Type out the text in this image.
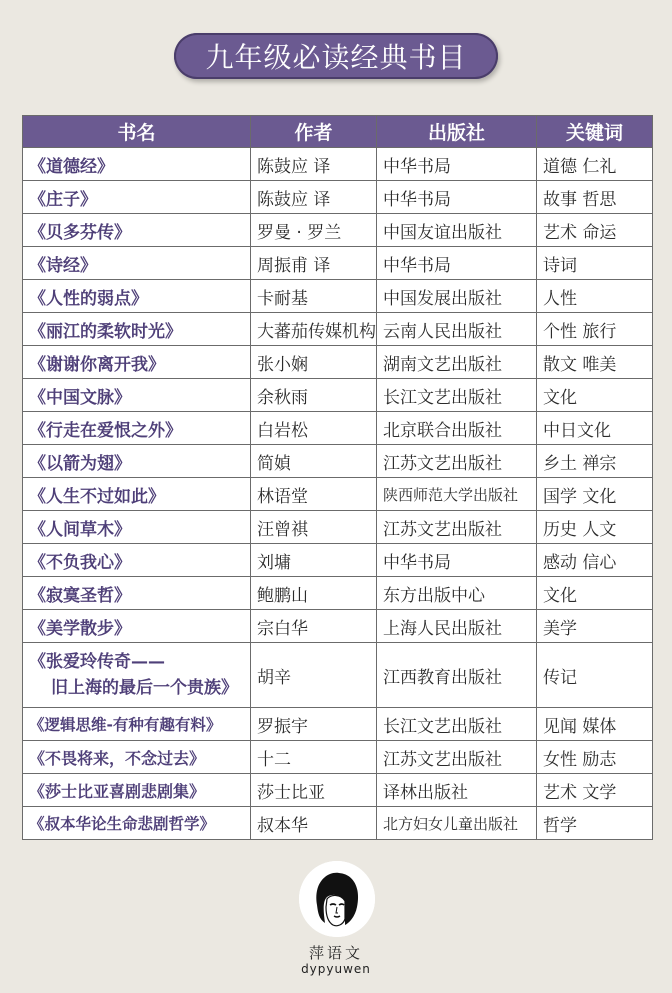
九年级必读经典书目
书名	作者	出版社	关键词
《道德经》	陈鼓应 译	中华书局	道德 仁礼
《庄子》	陈鼓应 译	中华书局	故事 哲思
《贝多芬传》	罗曼 · 罗兰	中国友谊出版社	艺术 命运
《诗经》	周振甫 译	中华书局	诗词
《人性的弱点》	卡耐基	中国发展出版社	人性
《丽江的柔软时光》	大蕃茄传媒机构	云南人民出版社	个性 旅行
《谢谢你离开我》	张小娴	湖南文艺出版社	散文 唯美
《中国文脉》	余秋雨	长江文艺出版社	文化
《行走在爱恨之外》	白岩松	北京联合出版社	中日文化
《以箭为翅》	简媜	江苏文艺出版社	乡土 禅宗
《人生不过如此》	林语堂	陕西师范大学出版社	国学 文化
《人间草木》	汪曾祺	江苏文艺出版社	历史 人文
《不负我心》	刘墉	中华书局	感动 信心
《寂寞圣哲》	鲍鹏山	东方出版中心	文化
《美学散步》	宗白华	上海人民出版社	美学

《张爱玲传奇——
旧上海的最后一个贵族》	胡辛	江西教育出版社	传记
《逻辑思维-有种有趣有料》	罗振宇	长江文艺出版社	见闻 媒体
《不畏将来，不念过去》	十二	江苏文艺出版社	女性 励志
《莎士比亚喜剧悲剧集》	莎士比亚	译林出版社	艺术 文学
《叔本华论生命悲剧哲学》	叔本华	北方妇女儿童出版社	哲学
萍语文
dypyuwen
